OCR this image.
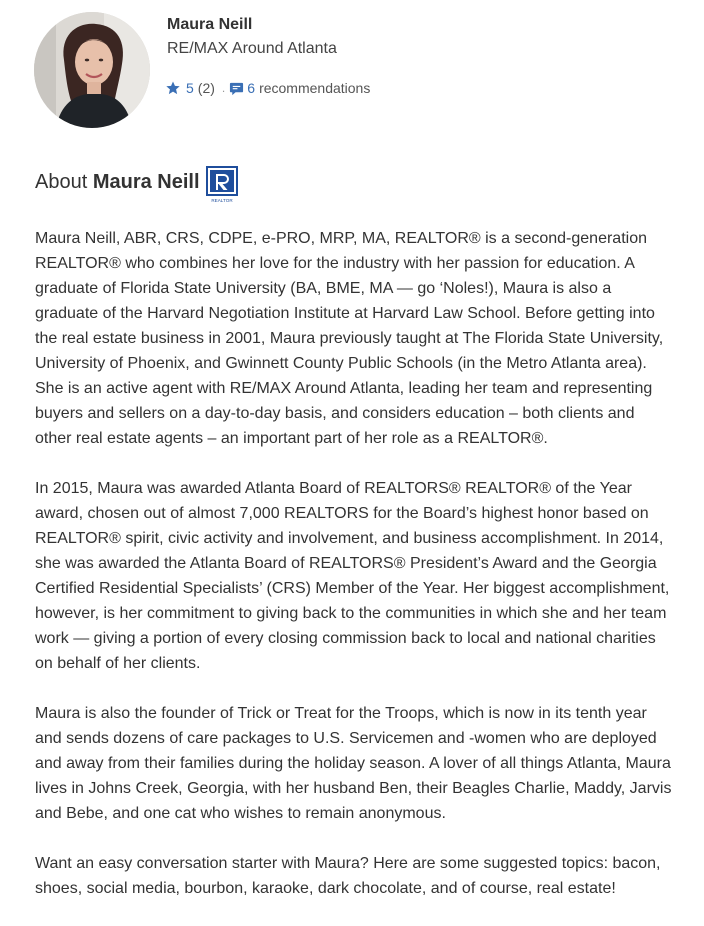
Maura Neill
RE/MAX Around Atlanta
5 (2) . 6 recommendations
About Maura Neill
REALTOR

Maura Neill, ABR, CRS, CDPE, e-PRO, MRP, MA, REALTOR® is a second-generation REALTOR® who combines her love for the industry with her passion for education. A graduate of Florida State University (BA, BME, MA — go ‘Noles!), Maura is also a graduate of the Harvard Negotiation Institute at Harvard Law School. Before getting into the real estate business in 2001, Maura previously taught at The Florida State University, University of Phoenix, and Gwinnett County Public Schools (in the Metro Atlanta area). She is an active agent with RE/MAX Around Atlanta, leading her team and representing buyers and sellers on a day-to-day basis, and considers education – both clients and other real estate agents – an important part of her role as a REALTOR®.

In 2015, Maura was awarded Atlanta Board of REALTORS® REALTOR® of the Year award, chosen out of almost 7,000 REALTORS for the Board’s highest honor based on REALTOR® spirit, civic activity and involvement, and business accomplishment. In 2014, she was awarded the Atlanta Board of REALTORS® President’s Award and the Georgia Certified Residential Specialists’ (CRS) Member of the Year. Her biggest accomplishment, however, is her commitment to giving back to the communities in which she and her team work — giving a portion of every closing commission back to local and national charities on behalf of her clients.

Maura is also the founder of Trick or Treat for the Troops, which is now in its tenth year and sends dozens of care packages to U.S. Servicemen and -women who are deployed and away from their families during the holiday season. A lover of all things Atlanta, Maura lives in Johns Creek, Georgia, with her husband Ben, their Beagles Charlie, Maddy, Jarvis and Bebe, and one cat who wishes to remain anonymous.

Want an easy conversation starter with Maura? Here are some suggested topics: bacon, shoes, social media, bourbon, karaoke, dark chocolate, and of course, real estate!
